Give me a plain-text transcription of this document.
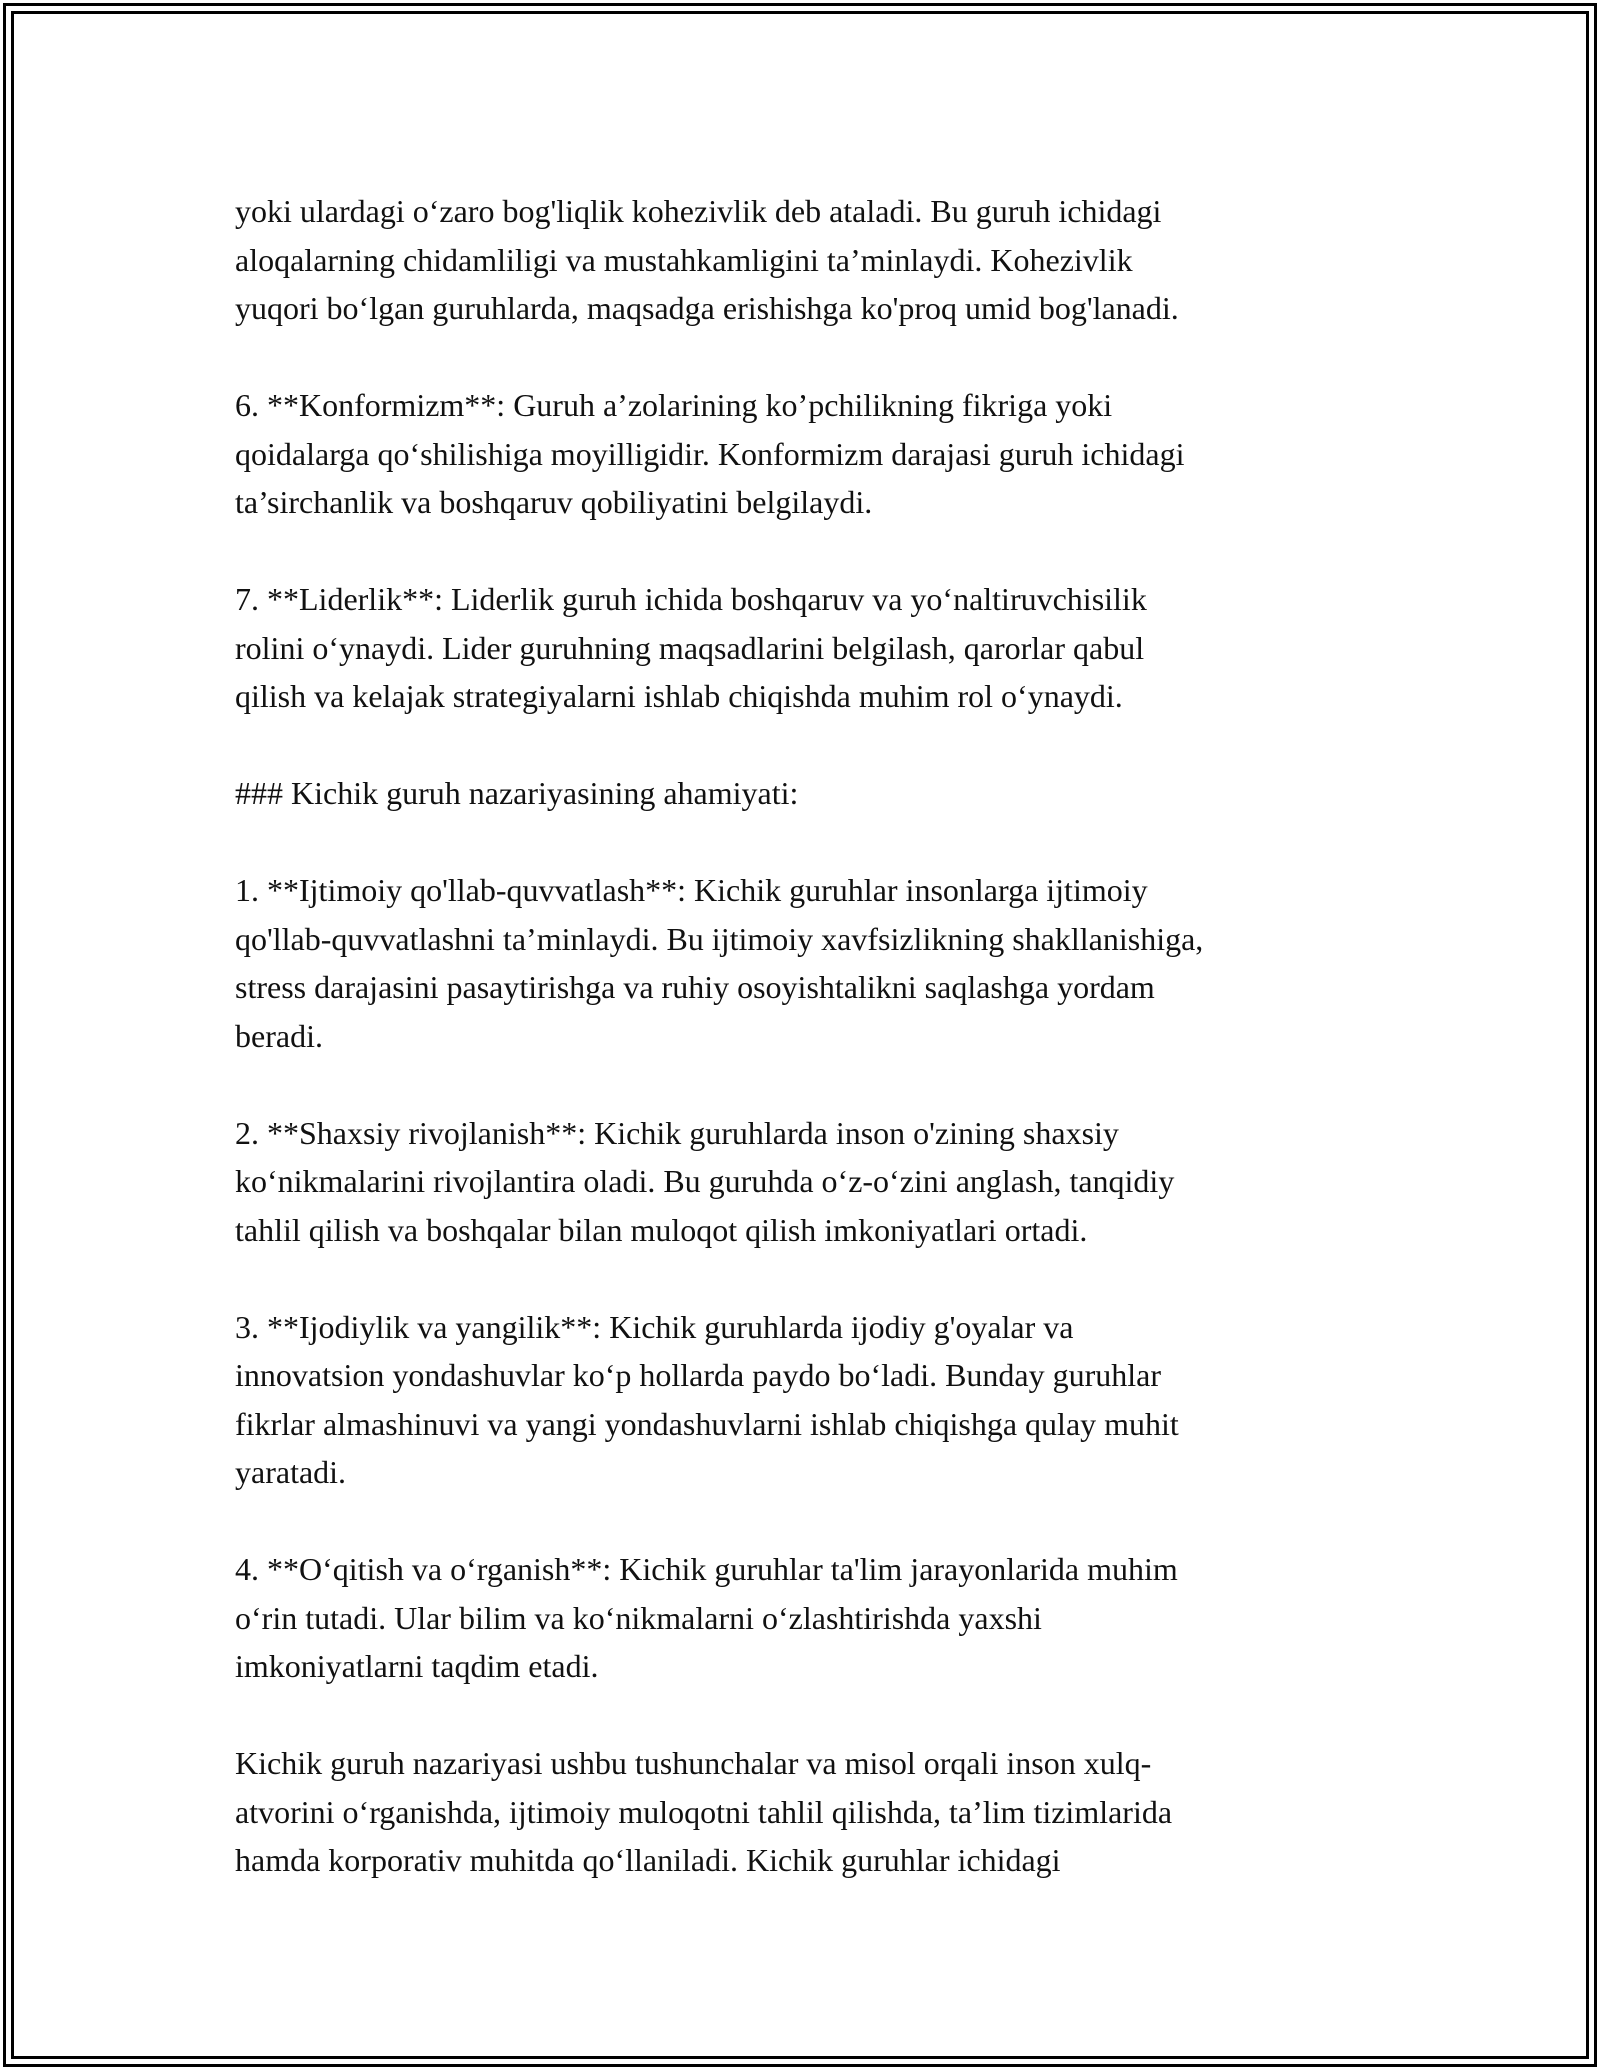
yoki ulardagi o‘zaro bog'liqlik kohezivlik deb ataladi. Bu guruh ichidagi
aloqalarning chidamliligi va mustahkamligini ta’minlaydi. Kohezivlik
yuqori bo‘lgan guruhlarda, maqsadga erishishga ko'proq umid bog'lanadi.

6. **Konformizm**: Guruh a’zolarining ko’pchilikning fikriga yoki
qoidalarga qo‘shilishiga moyilligidir. Konformizm darajasi guruh ichidagi
ta’sirchanlik va boshqaruv qobiliyatini belgilaydi.

7. **Liderlik**: Liderlik guruh ichida boshqaruv va yo‘naltiruvchisilik
rolini o‘ynaydi. Lider guruhning maqsadlarini belgilash, qarorlar qabul
qilish va kelajak strategiyalarni ishlab chiqishda muhim rol o‘ynaydi.

### Kichik guruh nazariyasining ahamiyati:

1. **Ijtimoiy qo'llab-quvvatlash**: Kichik guruhlar insonlarga ijtimoiy
qo'llab-quvvatlashni ta’minlaydi. Bu ijtimoiy xavfsizlikning shakllanishiga,
stress darajasini pasaytirishga va ruhiy osoyishtalikni saqlashga yordam
beradi.

2. **Shaxsiy rivojlanish**: Kichik guruhlarda inson o'zining shaxsiy
ko‘nikmalarini rivojlantira oladi. Bu guruhda o‘z-o‘zini anglash, tanqidiy
tahlil qilish va boshqalar bilan muloqot qilish imkoniyatlari ortadi.

3. **Ijodiylik va yangilik**: Kichik guruhlarda ijodiy g'oyalar va
innovatsion yondashuvlar ko‘p hollarda paydo bo‘ladi. Bunday guruhlar
fikrlar almashinuvi va yangi yondashuvlarni ishlab chiqishga qulay muhit
yaratadi.

4. **O‘qitish va o‘rganish**: Kichik guruhlar ta'lim jarayonlarida muhim
o‘rin tutadi. Ular bilim va ko‘nikmalarni o‘zlashtirishda yaxshi
imkoniyatlarni taqdim etadi.

Kichik guruh nazariyasi ushbu tushunchalar va misol orqali inson xulq-
atvorini o‘rganishda, ijtimoiy muloqotni tahlil qilishda, ta’lim tizimlarida
hamda korporativ muhitda qo‘llaniladi. Kichik guruhlar ichidagi
